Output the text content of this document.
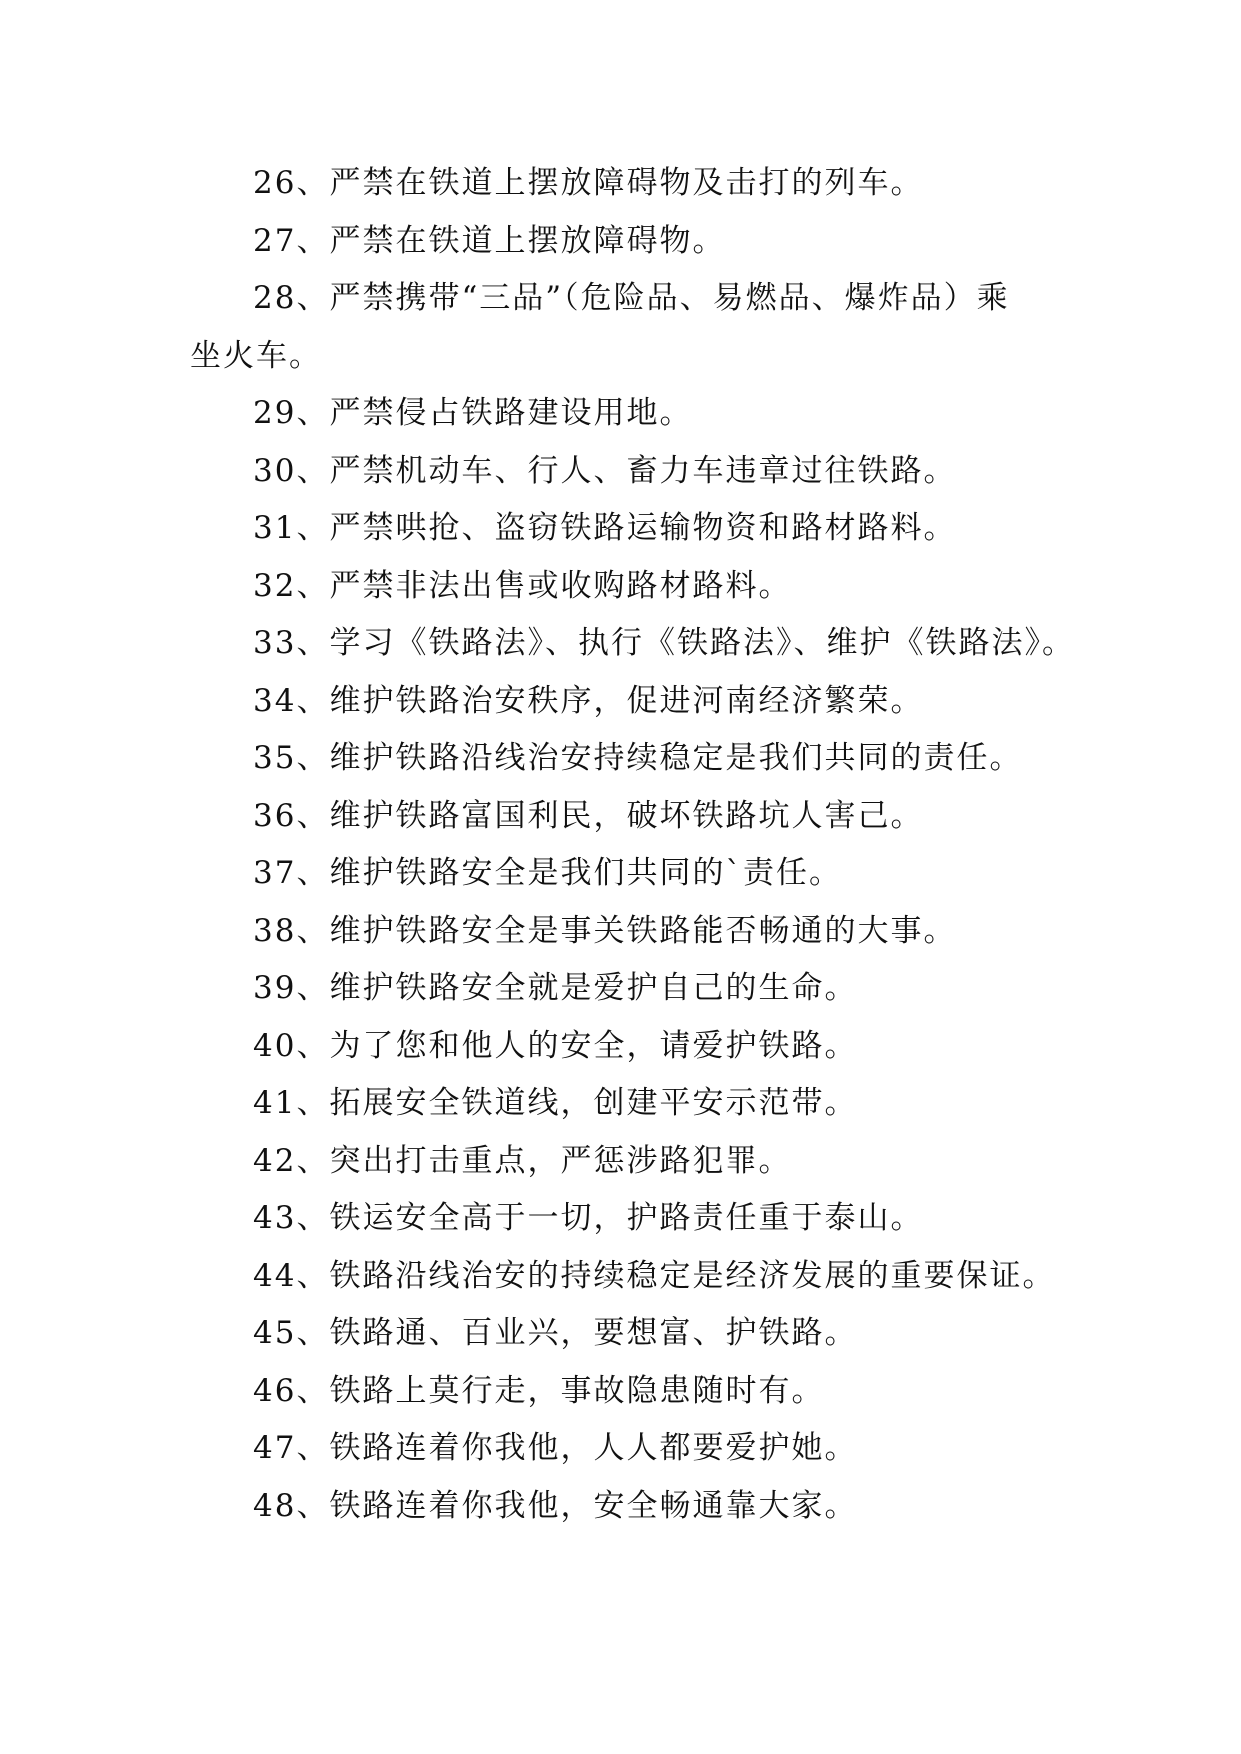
26、严禁在铁道上摆放障碍物及击打的列车。
27、严禁在铁道上摆放障碍物。
28、严禁携带“三品”（危险品、易燃品、爆炸品）乘
坐火车。
29、严禁侵占铁路建设用地。
30、严禁机动车、行人、畜力车违章过往铁路。
31、严禁哄抢、盗窃铁路运输物资和路材路料。
32、严禁非法出售或收购路材路料。
33、学习《铁路法》、执行《铁路法》、维护《铁路法》。
34、维护铁路治安秩序，促进河南经济繁荣。
35、维护铁路沿线治安持续稳定是我们共同的责任。
36、维护铁路富国利民，破坏铁路坑人害己。
37、维护铁路安全是我们共同的`责任。
38、维护铁路安全是事关铁路能否畅通的大事。
39、维护铁路安全就是爱护自己的生命。
40、为了您和他人的安全，请爱护铁路。
41、拓展安全铁道线，创建平安示范带。
42、突出打击重点，严惩涉路犯罪。
43、铁运安全高于一切，护路责任重于泰山。
44、铁路沿线治安的持续稳定是经济发展的重要保证。
45、铁路通、百业兴，要想富、护铁路。
46、铁路上莫行走，事故隐患随时有。
47、铁路连着你我他，人人都要爱护她。
48、铁路连着你我他，安全畅通靠大家。
